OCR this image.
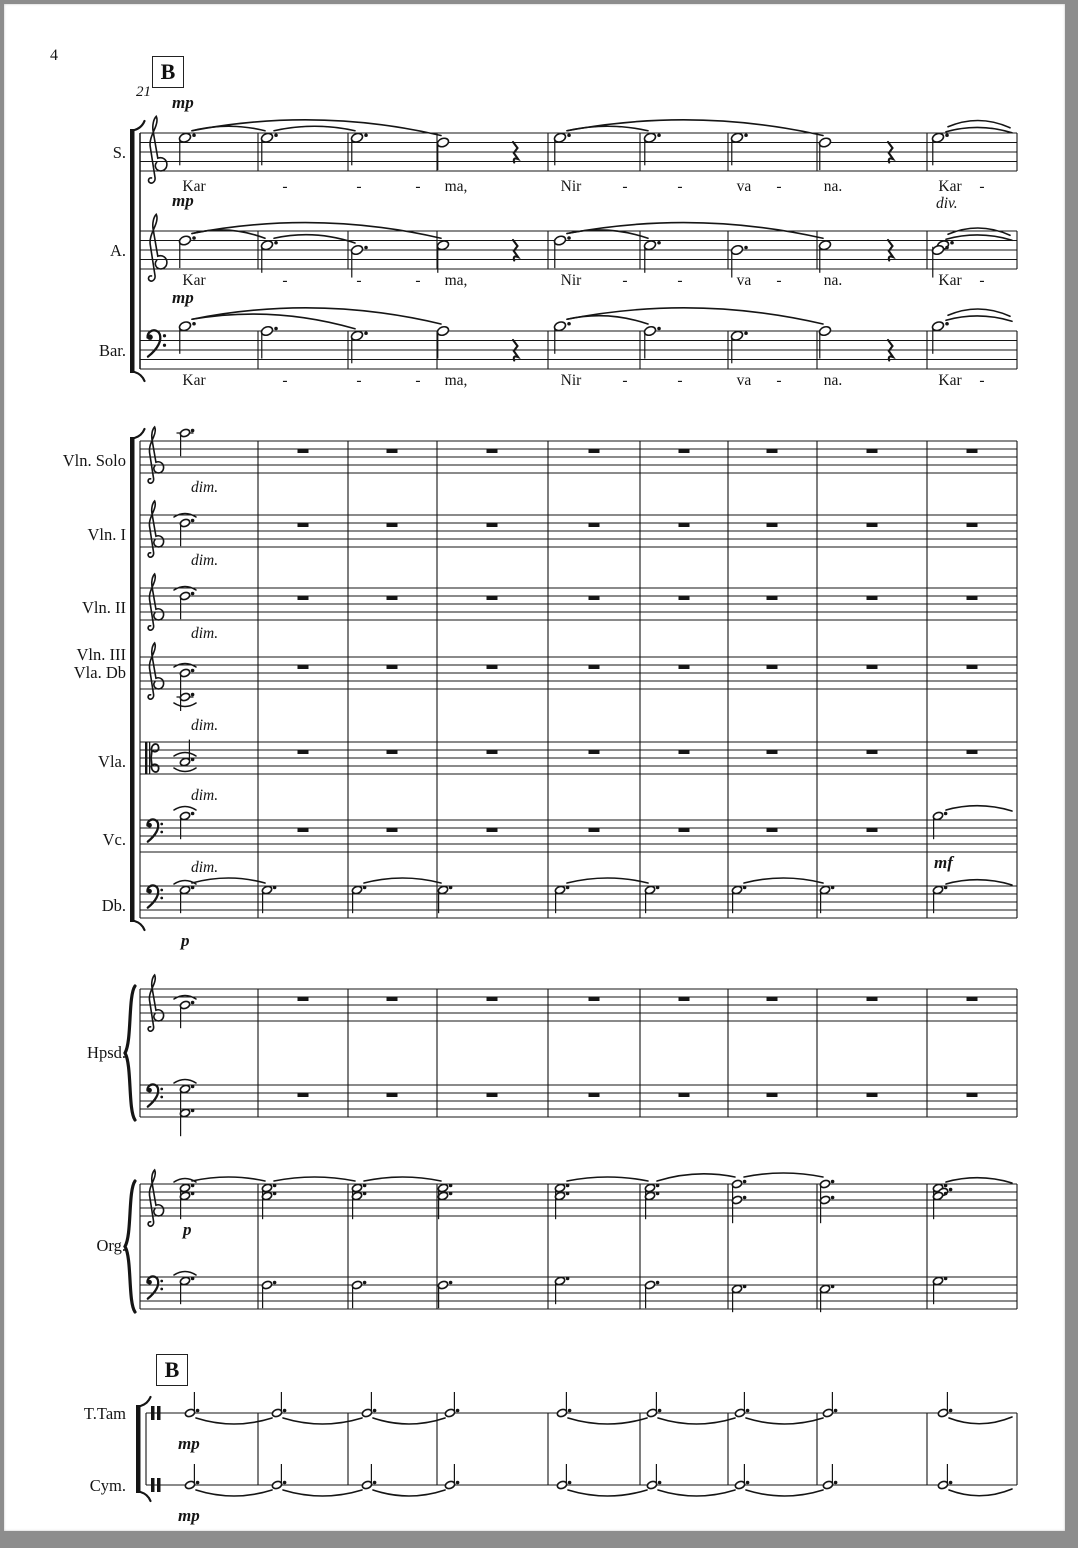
S.
Kar	-	-	- ma,	Nir	-	-	va -	na.	Kar -
mp
A.
Kar	-	-	- ma,	Nir	-	-	va -	na.	Kar -
mp	div.
Bar.
Kar	-	-	- ma,	Nir	-	-	va -	na.	Kar -
mp
Vln. Solo
dim.
Vln. I
dim.
Vln. II
dim.
Vln. III
Vla. Db
dim.
Vla.
dim.
Vc.
dim.	mf
Db.
p
Hpsd.
Org.
p
T.Tam
mp
Cym.
mp
4
B
21
B
